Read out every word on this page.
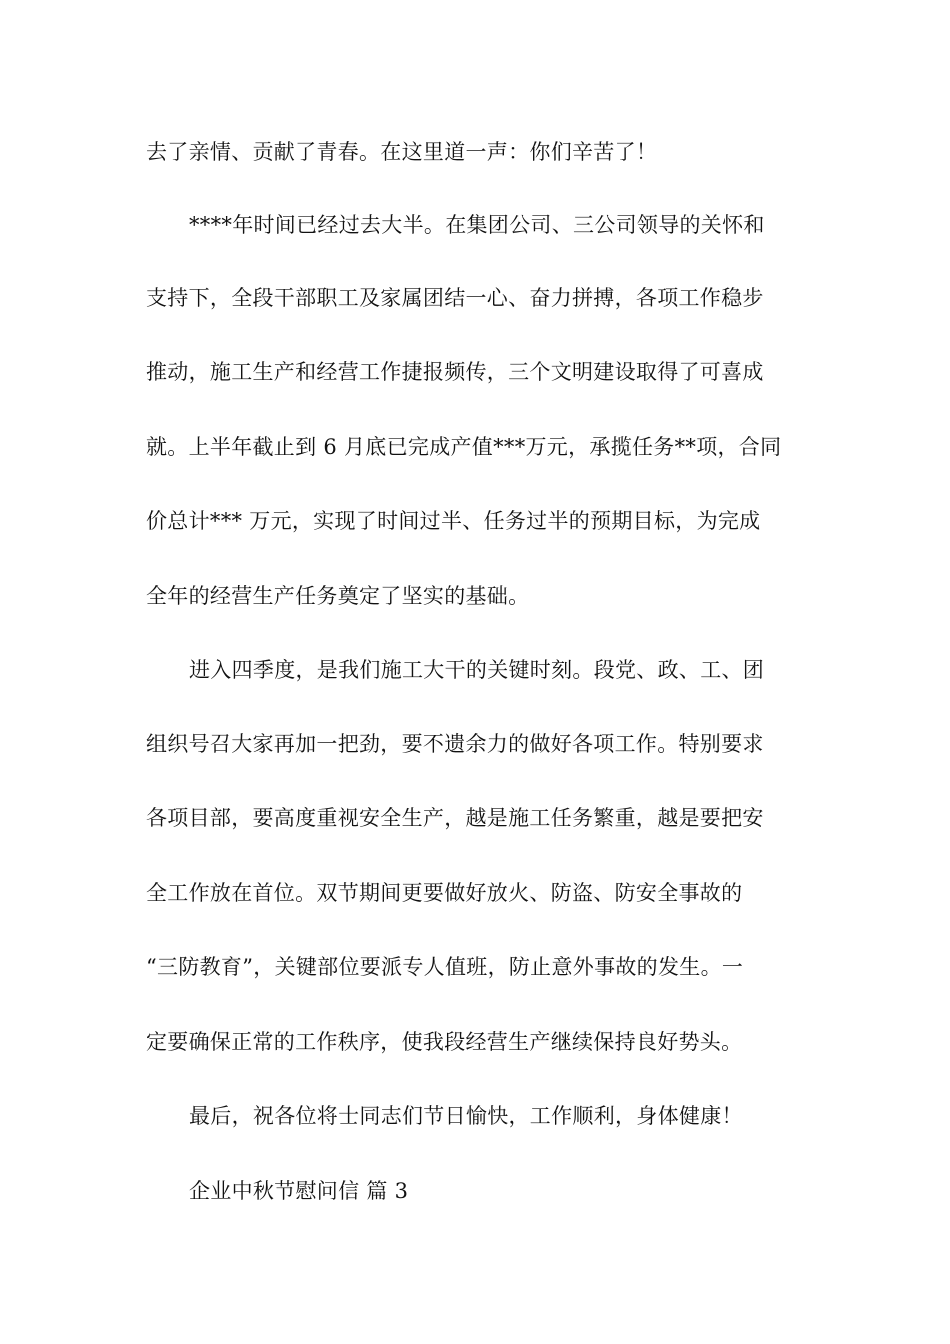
去了亲情、贡献了青春。在这里道一声：你们辛苦了！
****年时间已经过去大半。在集团公司、三公司领导的关怀和
支持下，全段干部职工及家属团结一心、奋力拼搏，各项工作稳步
推动，施工生产和经营工作捷报频传，三个文明建设取得了可喜成
就。上半年截止到 6 月底已完成产值***万元，承揽任务**项，合同
价总计*** 万元，实现了时间过半、任务过半的预期目标，为完成
全年的经营生产任务奠定了坚实的基础。
进入四季度，是我们施工大干的关键时刻。段党、政、工、团
组织号召大家再加一把劲，要不遗余力的做好各项工作。特别要求
各项目部，要高度重视安全生产，越是施工任务繁重，越是要把安
全工作放在首位。双节期间更要做好放火、防盗、防安全事故的
“三防教育”，关键部位要派专人值班，防止意外事故的发生。一
定要确保正常的工作秩序，使我段经营生产继续保持良好势头。
最后，祝各位将士同志们节日愉快，工作顺利，身体健康！
企业中秋节慰问信 篇 3
